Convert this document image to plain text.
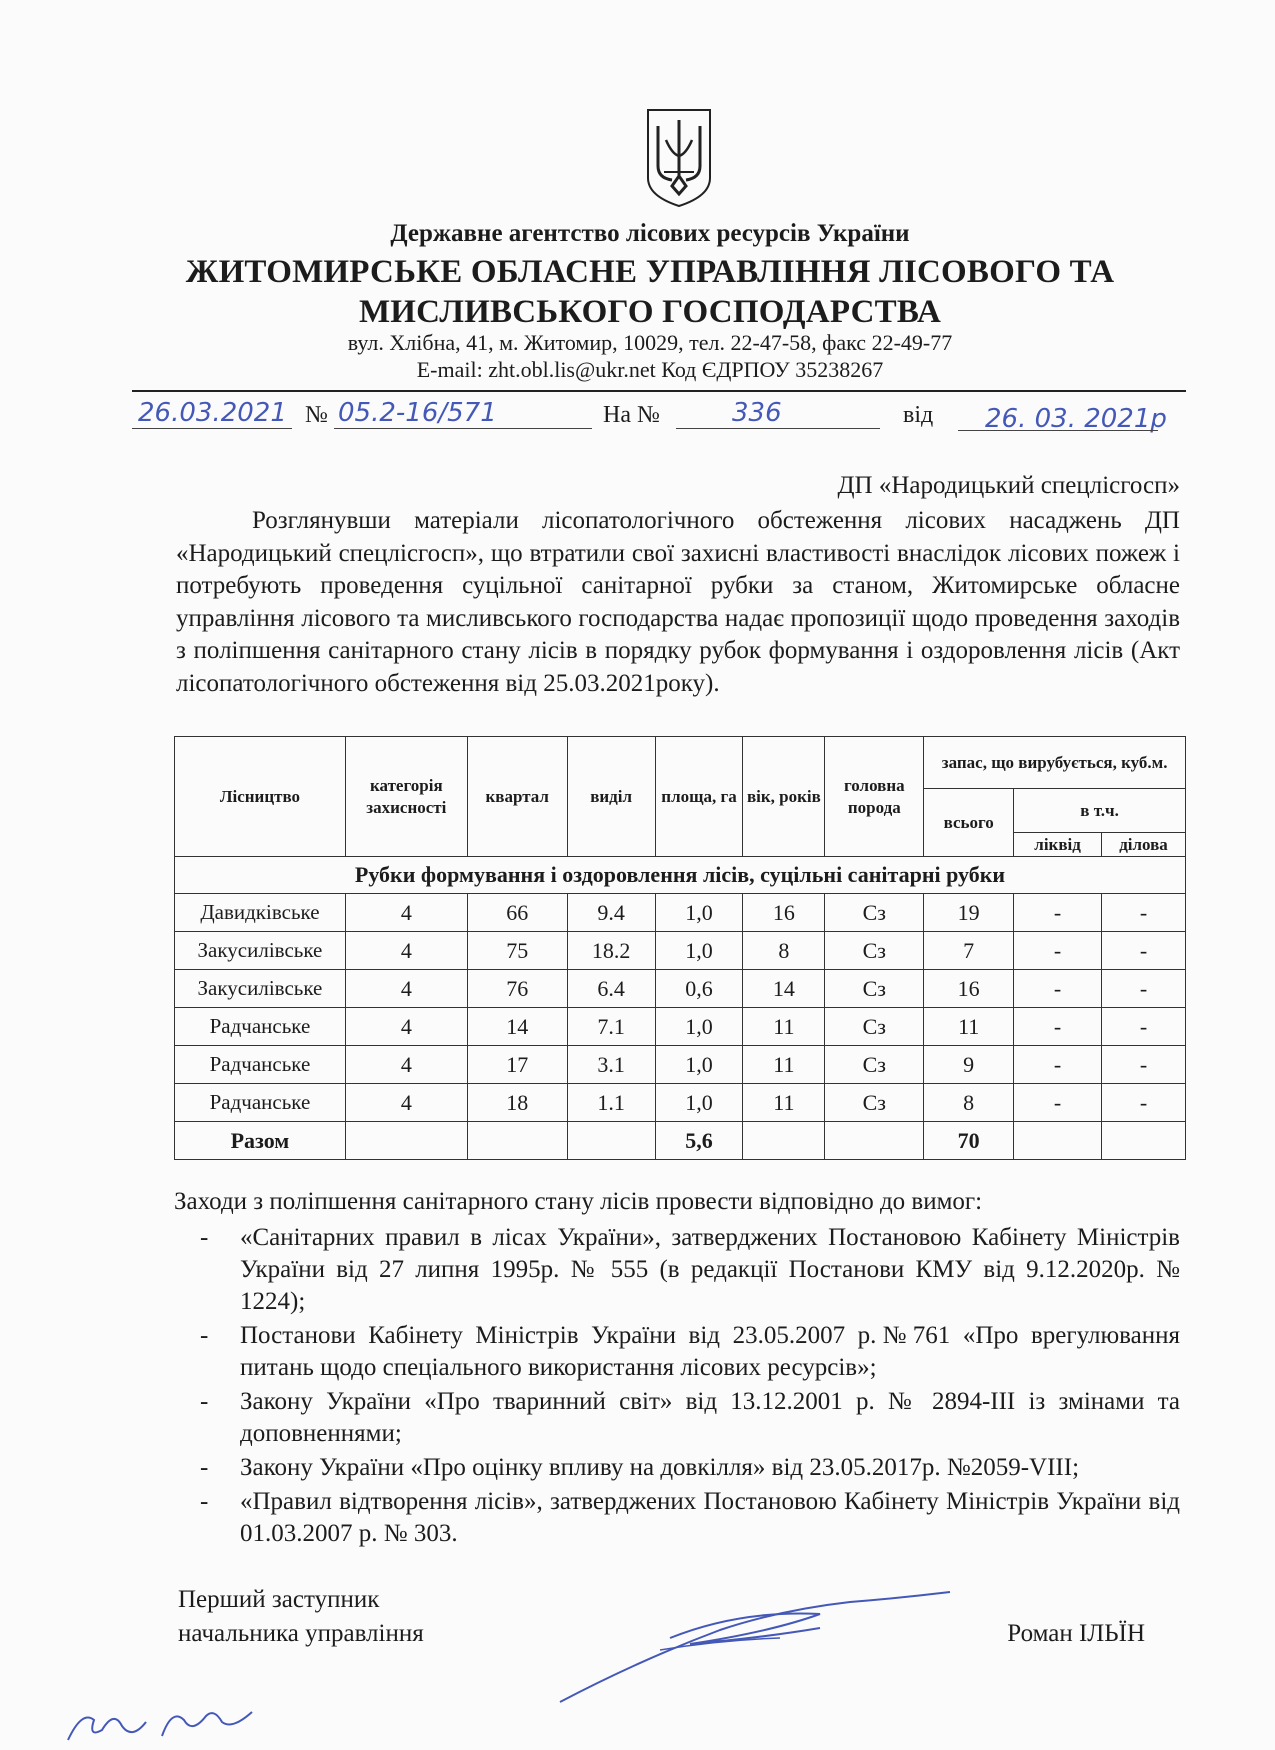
Державне агентство лісових ресурсів України
ЖИТОМИРСЬКЕ ОБЛАСНЕ УПРАВЛІННЯ ЛІСОВОГО ТА
МИСЛИВСЬКОГО ГОСПОДАРСТВА
вул. Хлібна, 41, м. Житомир, 10029, тел. 22-47-58, факс 22-49-77
E-mail: zht.obl.lis@ukr.net Код ЄДРПОУ 35238267
26.03.2021 № 05.2-16/571	На №	336	від 26. 03. 2021р
ДП «Народицький спецлісгосп»
Розглянувши матеріали лісопатологічного обстеження лісових насаджень ДП «Народицький спецлісгосп», що втратили свої захисні властивості внаслідок лісових пожеж і потребують проведення суцільної санітарної рубки за станом, Житомирське обласне управління лісового та мисливського господарства надає пропозиції щодо проведення заходів з поліпшення санітарного стану лісів в порядку рубок формування і оздоровлення лісів (Акт лісопатологічного обстеження від 25.03.2021року).
Лісництво	категорія захисності	квартал	виділ	площа, га	вік, років	головна порода	запас, що вирубується, куб.м.		
							всього	в т.ч.	
								ліквід	ділова
Рубки формування і оздоровлення лісів, суцільні санітарні рубки									
Давидківське	4	66	9.4	1,0	16	Сз	19	-	-
Закусилівське	4	75	18.2	1,0	8	Сз	7	-	-
Закусилівське	4	76	6.4	0,6	14	Сз	16	-	-
Радчанське	4	14	7.1	1,0	11	Сз	11	-	-
Радчанське	4	17	3.1	1,0	11	Сз	9	-	-
Радчанське	4	18	1.1	1,0	11	Сз	8	-	-
Разом				5,6			70		
Заходи з поліпшення санітарного стану лісів провести відповідно до вимог:
- «Санітарних правил в лісах України», затверджених Постановою Кабінету Міністрів України від 27 липня 1995р. № 555 (в редакції Постанови КМУ від 9.12.2020р. № 1224);
- Постанови Кабінету Міністрів України від 23.05.2007 р.№761 «Про врегулювання питань щодо спеціального використання лісових ресурсів»;
- Закону України «Про тваринний світ» від 13.12.2001 р. № 2894-ІІІ із змінами та доповненнями;
- Закону України «Про оцінку впливу на довкілля» від 23.05.2017р. №2059-VIII;
- «Правил відтворення лісів», затверджених Постановою Кабінету Міністрів України від 01.03.2007 р. № 303.
Перший заступник
начальника управління	Роман ІЛЬЇН
